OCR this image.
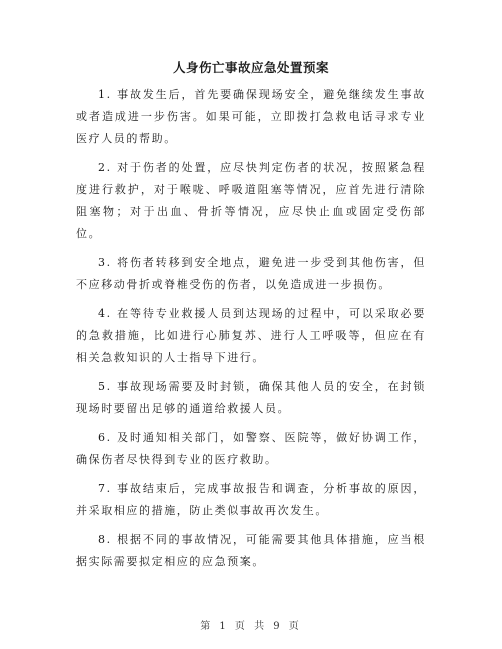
人身伤亡事故应急处置预案

1. 事故发生后，首先要确保现场安全，避免继续发生事故或者造成进一步伤害。如果可能，立即拨打急救电话寻求专业医疗人员的帮助。

2. 对于伤者的处置，应尽快判定伤者的状况，按照紧急程度进行救护，对于喉咙、呼吸道阻塞等情况，应首先进行清除阻塞物；对于出血、骨折等情况，应尽快止血或固定受伤部位。

3. 将伤者转移到安全地点，避免进一步受到其他伤害，但不应移动骨折或脊椎受伤的伤者，以免造成进一步损伤。

4. 在等待专业救援人员到达现场的过程中，可以采取必要的急救措施，比如进行心肺复苏、进行人工呼吸等，但应在有相关急救知识的人士指导下进行。

5. 事故现场需要及时封锁，确保其他人员的安全，在封锁现场时要留出足够的通道给救援人员。

6. 及时通知相关部门，如警察、医院等，做好协调工作，确保伤者尽快得到专业的医疗救助。

7. 事故结束后，完成事故报告和调查，分析事故的原因，并采取相应的措施，防止类似事故再次发生。

8. 根据不同的事故情况，可能需要其他具体措施，应当根据实际需要拟定相应的应急预案。

第 1 页 共 9 页
